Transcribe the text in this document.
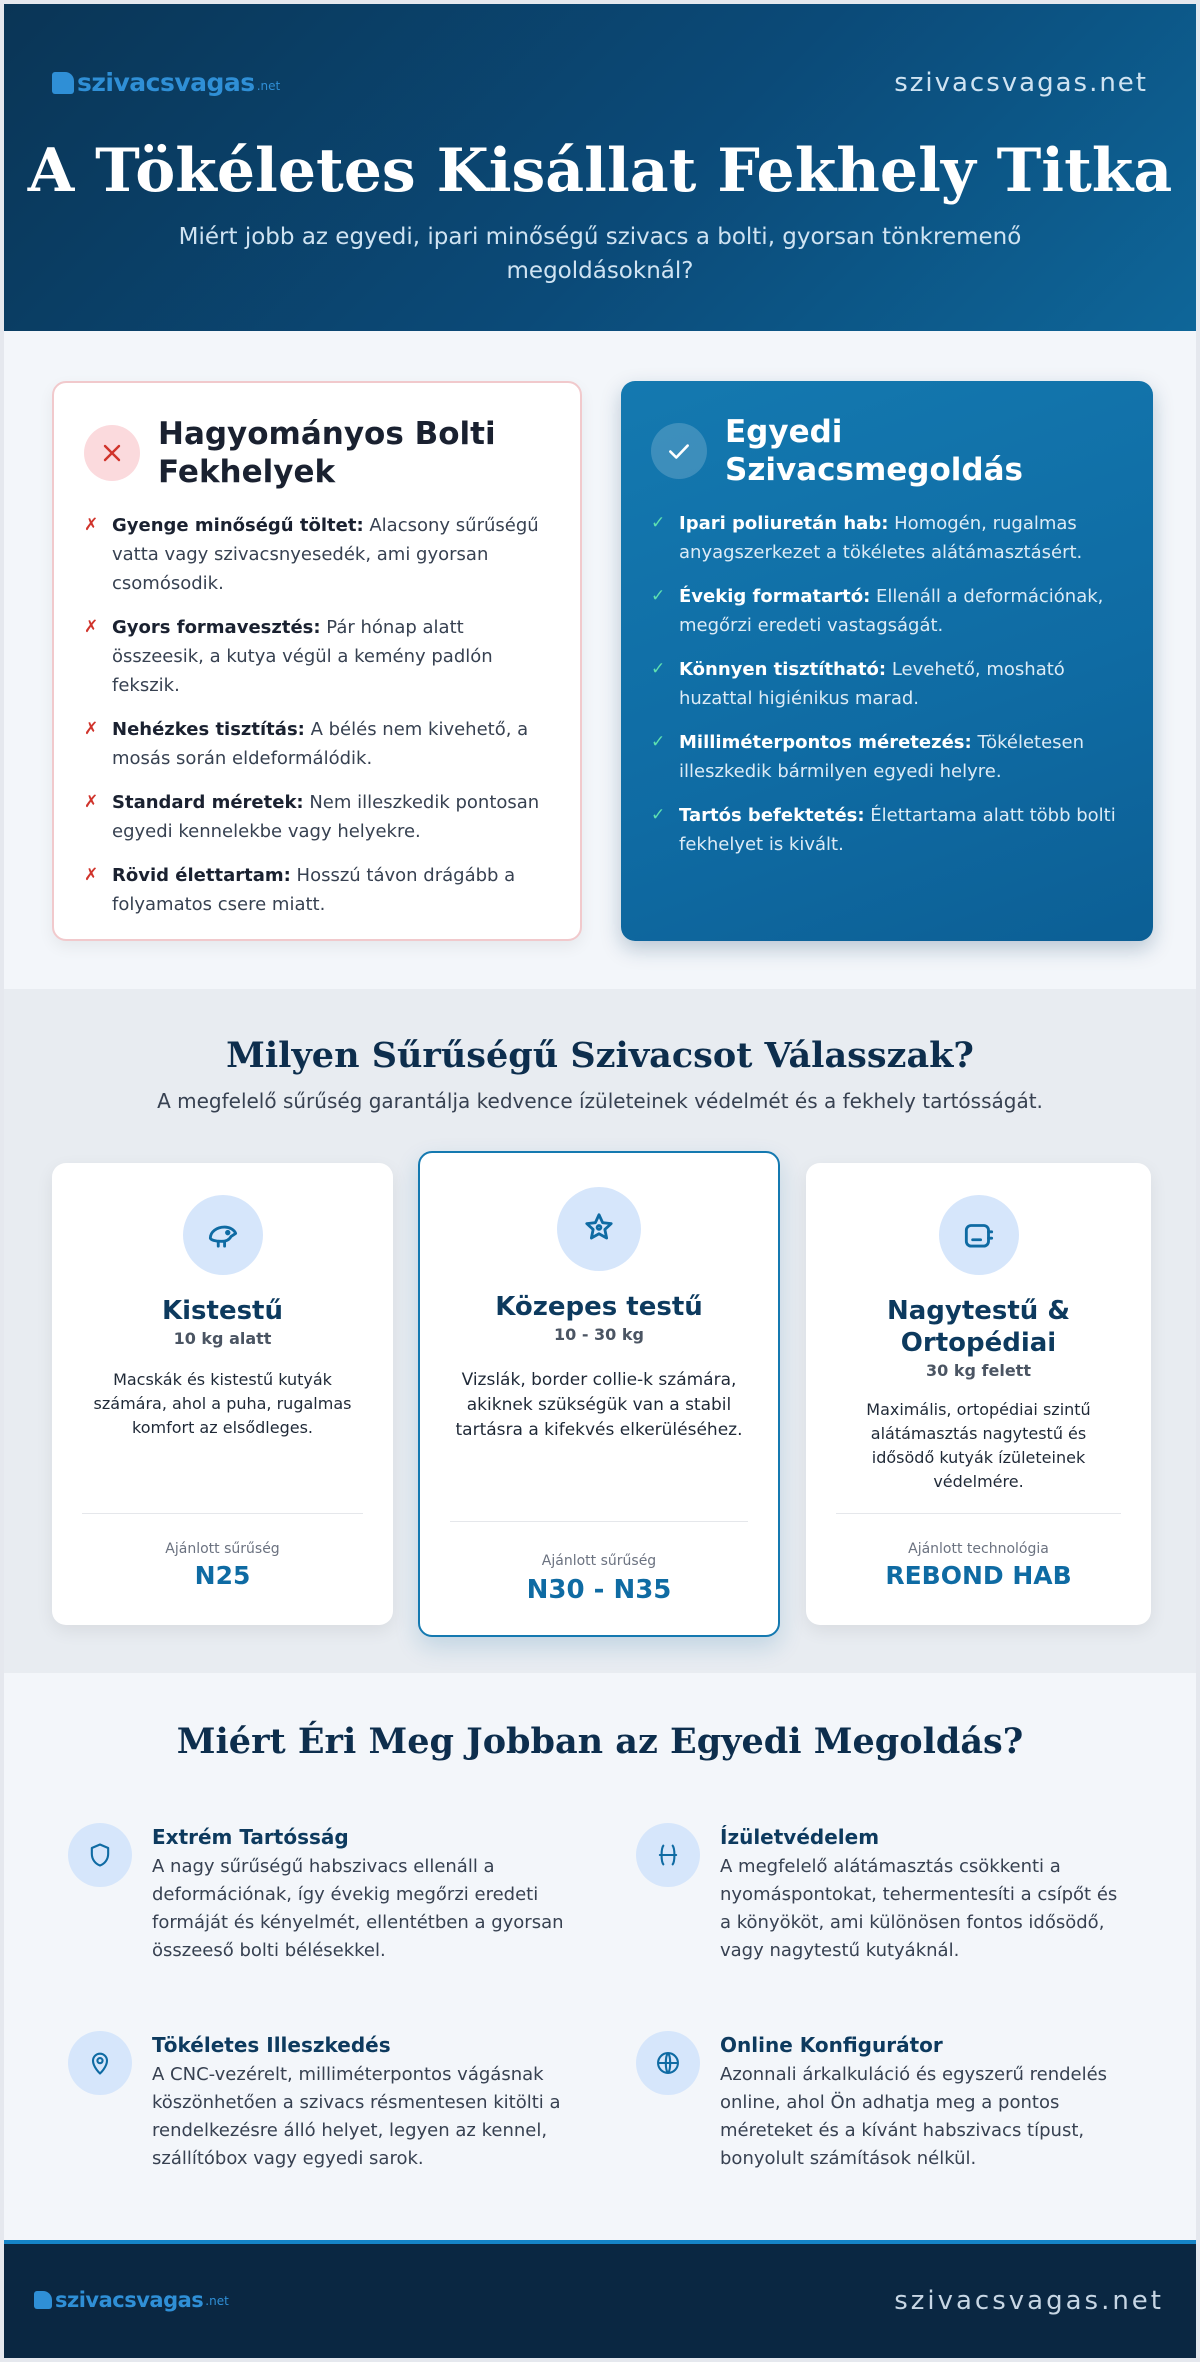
szivacsvagas .net	szivacsvagas.net
A Tökéletes Kisállat Fekhely Titka

Miért jobb az egyedi, ipari minőségű szivacs a bolti, gyorsan tönkremenő megoldásoknál?

Hagyományos Bolti Fekhelyek
✗ Gyenge minőségű töltet: Alacsony sűrűségű vatta vagy szivacsnyesedék, ami gyorsan csomósodik.
✗ Gyors formavesztés: Pár hónap alatt összeesik, a kutya végül a kemény padlón fekszik.
✗ Nehézkes tisztítás: A bélés nem kivehető, a mosás során eldeformálódik.
✗ Standard méretek: Nem illeszkedik pontosan egyedi kennelekbe vagy helyekre.
✗ Rövid élettartam: Hosszú távon drágább a folyamatos csere miatt.
Egyedi Szivacsmegoldás
✓ Ipari poliuretán hab: Homogén, rugalmas anyagszerkezet a tökéletes alátámasztásért.
✓ Évekig formatartó: Ellenáll a deformációnak, megőrzi eredeti vastagságát.
✓ Könnyen tisztítható: Levehető, mosható huzattal higiénikus marad.
✓ Milliméterpontos méretezés: Tökéletesen illeszkedik bármilyen egyedi helyre.
✓ Tartós befektetés: Élettartama alatt több bolti fekhelyet is kivált.
Milyen Sűrűségű Szivacsot Válasszak?

A megfelelő sűrűség garantálja kedvence ízületeinek védelmét és a fekhely tartósságát.

Kistestű
10 kg alatt
Macskák és kistestű kutyák számára, ahol a puha, rugalmas komfort az elsődleges.
Ajánlott sűrűség
N25
Közepes testű
10 - 30 kg
Vizslák, border collie-k számára, akiknek szükségük van a stabil tartásra a kifekvés elkerüléséhez.
Ajánlott sűrűség
N30 - N35
Nagytestű & Ortopédiai
30 kg felett
Maximális, ortopédiai szintű alátámasztás nagytestű és idősödő kutyák ízületeinek védelmére.
Ajánlott technológia
REBOND HAB
Miért Éri Meg Jobban az Egyedi Megoldás?
Extrém Tartósság

A nagy sűrűségű habszivacs ellenáll a deformációnak, így évekig megőrzi eredeti formáját és kényelmét, ellentétben a gyorsan összeeső bolti bélésekkel.

Ízületvédelem

A megfelelő alátámasztás csökkenti a nyomáspontokat, tehermentesíti a csípőt és a könyököt, ami különösen fontos idősödő, vagy nagytestű kutyáknál.

Tökéletes Illeszkedés

A CNC-vezérelt, milliméterpontos vágásnak köszönhetően a szivacs résmentesen kitölti a rendelkezésre álló helyet, legyen az kennel, szállítóbox vagy egyedi sarok.

Online Konfigurátor

Azonnali árkalkuláció és egyszerű rendelés online, ahol Ön adhatja meg a pontos méreteket és a kívánt habszivacs típust, bonyolult számítások nélkül.

szivacsvagas .net	szivacsvagas.net
